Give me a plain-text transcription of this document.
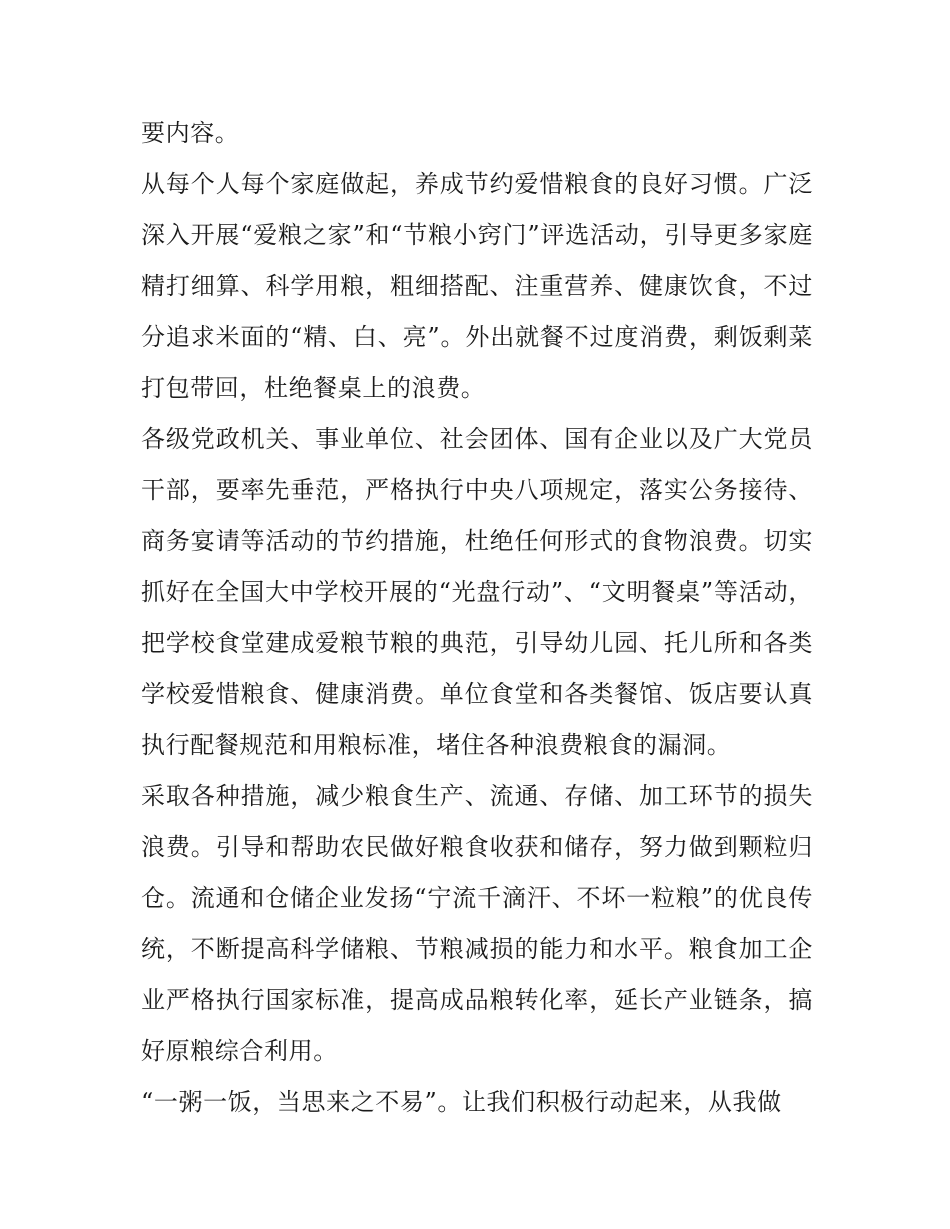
要内容。

从每个人每个家庭做起，养成节约爱惜粮食的良好习惯。广泛深入开展“爱粮之家”和“节粮小窍门”评选活动，引导更多家庭精打细算、科学用粮，粗细搭配、注重营养、健康饮食，不过分追求米面的“精、白、亮”。外出就餐不过度消费，剩饭剩菜打包带回，杜绝餐桌上的浪费。

各级党政机关、事业单位、社会团体、国有企业以及广大党员干部，要率先垂范，严格执行中央八项规定，落实公务接待、商务宴请等活动的节约措施，杜绝任何形式的食物浪费。切实抓好在全国大中学校开展的“光盘行动”、“文明餐桌”等活动，把学校食堂建成爱粮节粮的典范，引导幼儿园、托儿所和各类学校爱惜粮食、健康消费。单位食堂和各类餐馆、饭店要认真执行配餐规范和用粮标准，堵住各种浪费粮食的漏洞。

采取各种措施，减少粮食生产、流通、存储、加工环节的损失浪费。引导和帮助农民做好粮食收获和储存，努力做到颗粒归仓。流通和仓储企业发扬“宁流千滴汗、不坏一粒粮”的优良传统，不断提高科学储粮、节粮减损的能力和水平。粮食加工企业严格执行国家标准，提高成品粮转化率，延长产业链条，搞好原粮综合利用。

“一粥一饭，当思来之不易”。让我们积极行动起来，从我做
